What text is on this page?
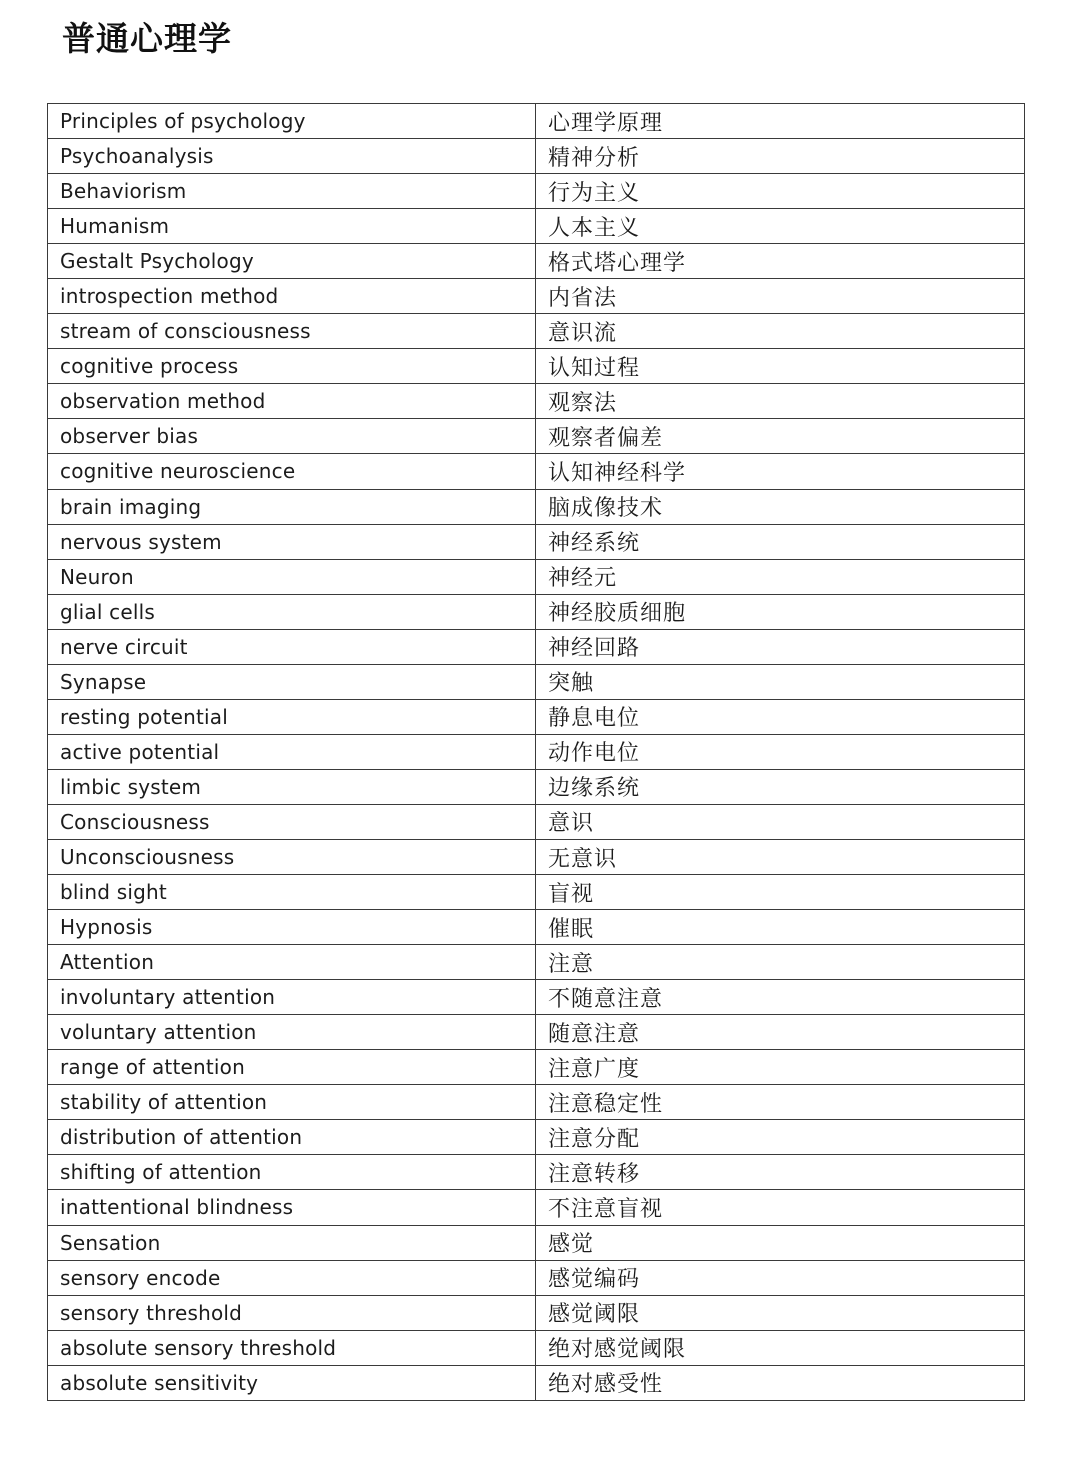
普通心理学
Principles of psychology	心理学原理
Psychoanalysis	精神分析
Behaviorism	行为主义
Humanism	人本主义
Gestalt Psychology	格式塔心理学
introspection method	内省法
stream of consciousness	意识流
cognitive process	认知过程
observation method	观察法
observer bias	观察者偏差
cognitive neuroscience	认知神经科学
brain imaging	脑成像技术
nervous system	神经系统
Neuron	神经元
glial cells	神经胶质细胞
nerve circuit	神经回路
Synapse	突触
resting potential	静息电位
active potential	动作电位
limbic system	边缘系统
Consciousness	意识
Unconsciousness	无意识
blind sight	盲视
Hypnosis	催眠
Attention	注意
involuntary attention	不随意注意
voluntary attention	随意注意
range of attention	注意广度
stability of attention	注意稳定性
distribution of attention	注意分配
shifting of attention	注意转移
inattentional blindness	不注意盲视
Sensation	感觉
sensory encode	感觉编码
sensory threshold	感觉阈限
absolute sensory threshold	绝对感觉阈限
absolute sensitivity	绝对感受性
